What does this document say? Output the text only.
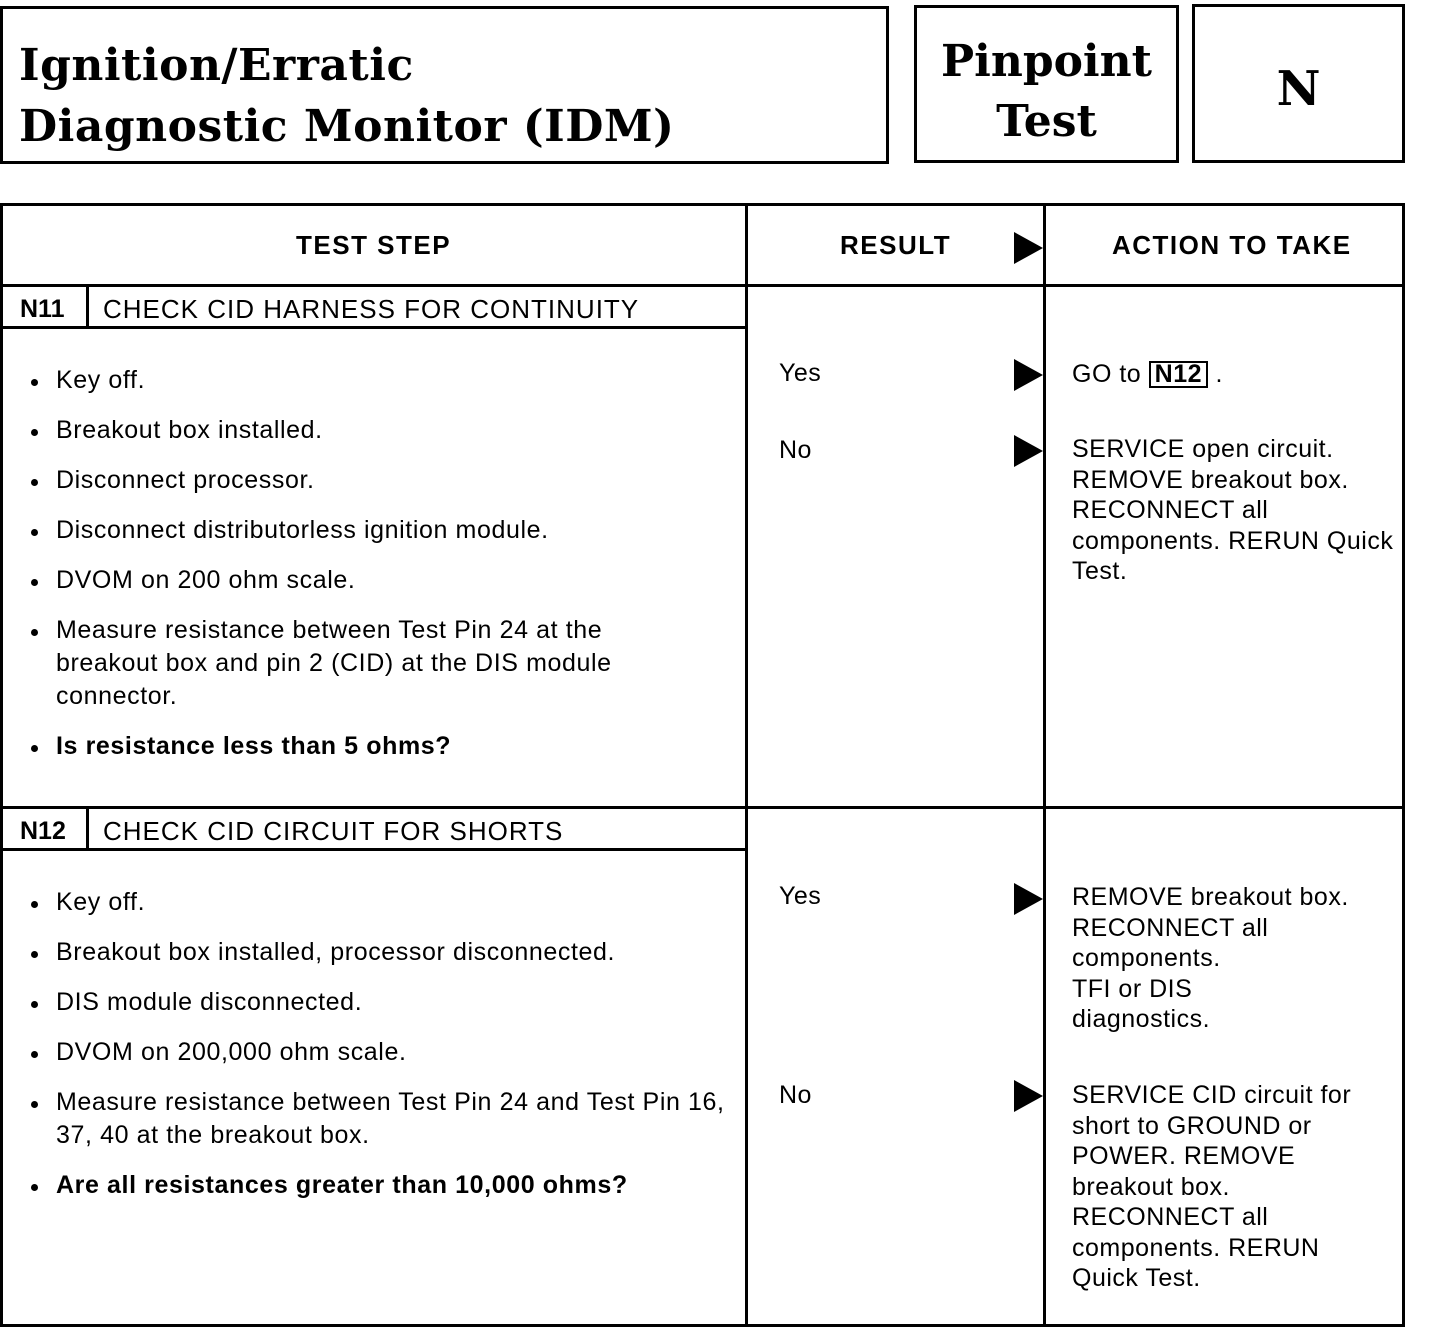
Ignition/Erratic
Diagnostic Monitor (IDM)
Pinpoint
Test
N
TEST STEP	RESULT	ACTION TO TAKE
N11 CHECK CID HARNESS FOR CONTINUITY
Key off.
Breakout box installed.
Disconnect processor.
Disconnect distributorless ignition module.
DVOM on 200 ohm scale.
Measure resistance between Test Pin 24 at the breakout box and pin 2 (CID) at the DIS module connector.
Is resistance less than 5 ohms?
Yes	GO to N12 .
No	SERVICE open circuit. REMOVE breakout box. RECONNECT all components. RERUN Quick Test.
N12 CHECK CID CIRCUIT FOR SHORTS
Key off.
Breakout box installed, processor disconnected.
DIS module disconnected.
DVOM on 200,000 ohm scale.
Measure resistance between Test Pin 24 and Test Pin 16, 37, 40 at the breakout box.
Are all resistances greater than 10,000 ohms?
Yes	REMOVE breakout box. RECONNECT all components.
TFI or DIS diagnostics.
No	SERVICE CID circuit for short to GROUND or POWER. REMOVE breakout box. RECONNECT all components. RERUN Quick Test.
